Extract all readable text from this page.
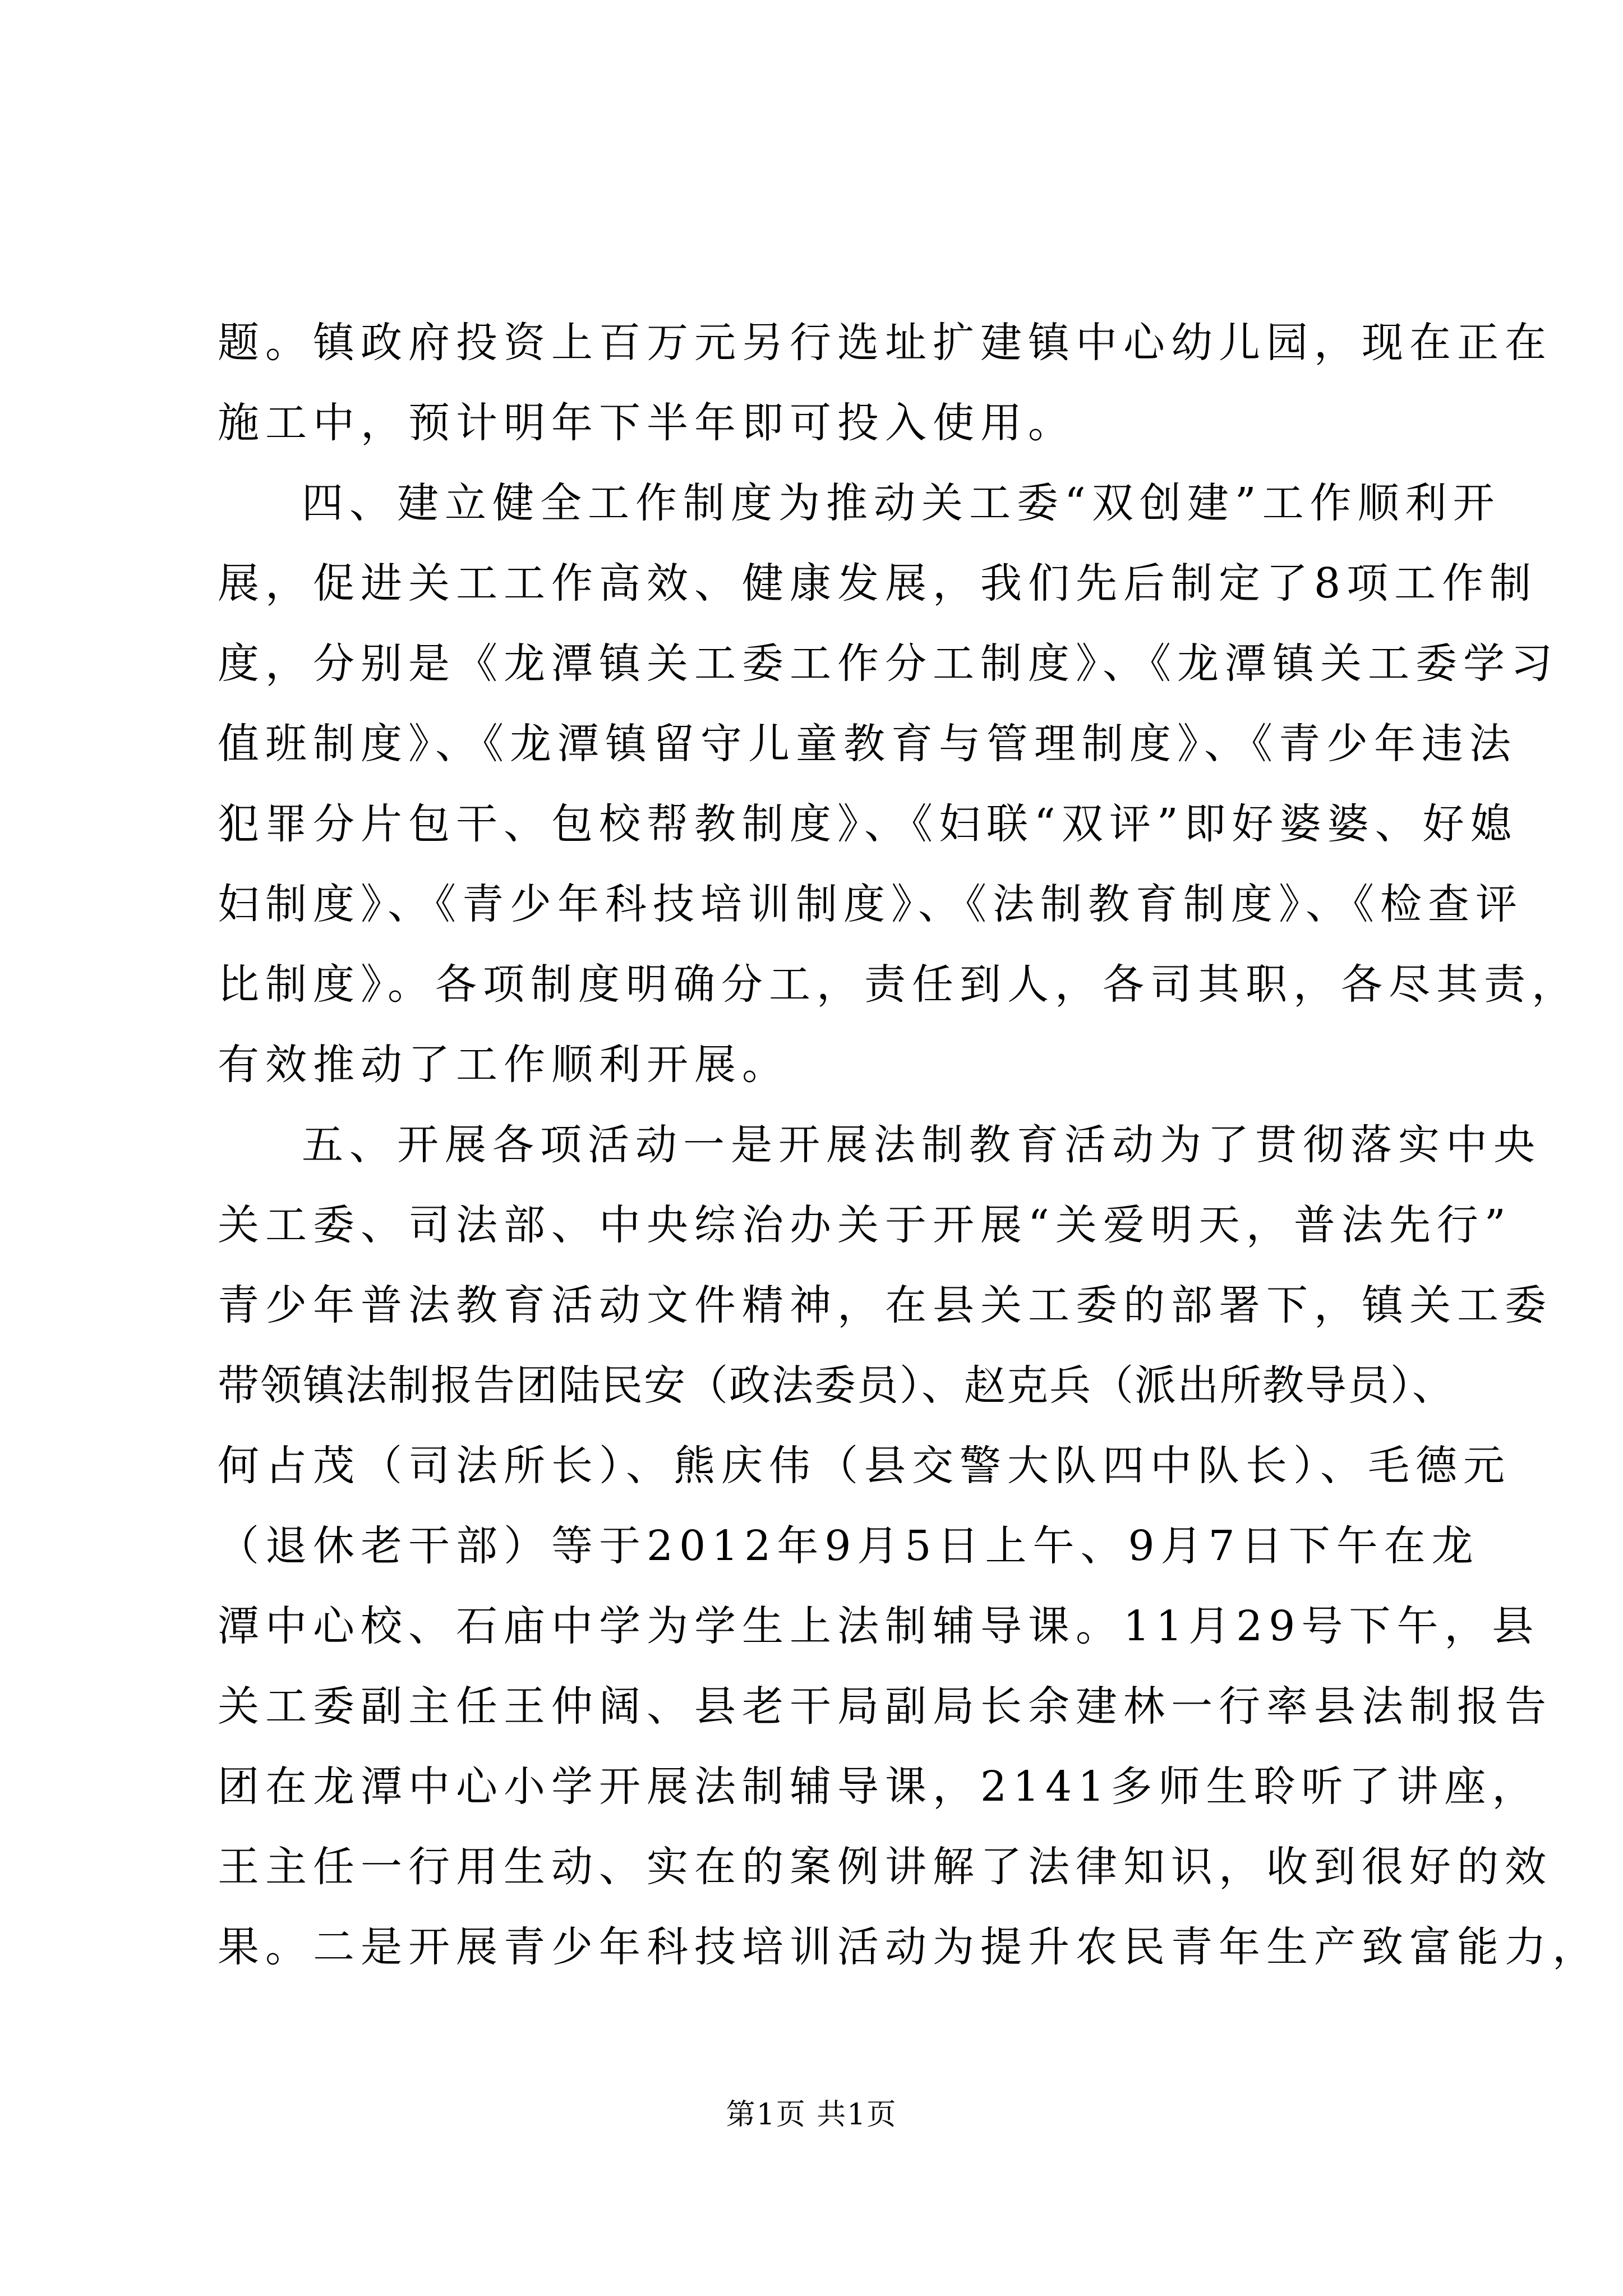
题。镇政府投资上百万元另行选址扩建镇中心幼儿园，现在正在
施工中，预计明年下半年即可投入使用。
四、建立健全工作制度为推动关工委“双创建”工作顺利开
展，促进关工工作高效、健康发展，我们先后制定了8项工作制
度，分别是《龙潭镇关工委工作分工制度》、《龙潭镇关工委学习
值班制度》、《龙潭镇留守儿童教育与管理制度》、《青少年违法
犯罪分片包干、包校帮教制度》、《妇联“双评”即好婆婆、好媳
妇制度》、《青少年科技培训制度》、《法制教育制度》、《检查评
比制度》。各项制度明确分工，责任到人，各司其职，各尽其责，
有效推动了工作顺利开展。
五、开展各项活动一是开展法制教育活动为了贯彻落实中央
关工委、司法部、中央综治办关于开展“关爱明天，普法先行”
青少年普法教育活动文件精神，在县关工委的部署下，镇关工委
带领镇法制报告团陆民安（政法委员）、赵克兵（派出所教导员）、
何占茂（司法所长）、熊庆伟（县交警大队四中队长）、毛德元
（退休老干部）等于2012年9月5日上午、9月7日下午在龙
潭中心校、石庙中学为学生上法制辅导课。11月29号下午，县
关工委副主任王仲阔、县老干局副局长余建林一行率县法制报告
团在龙潭中心小学开展法制辅导课，2141多师生聆听了讲座，
王主任一行用生动、实在的案例讲解了法律知识，收到很好的效
果。二是开展青少年科技培训活动为提升农民青年生产致富能力，
第1页 共1页
